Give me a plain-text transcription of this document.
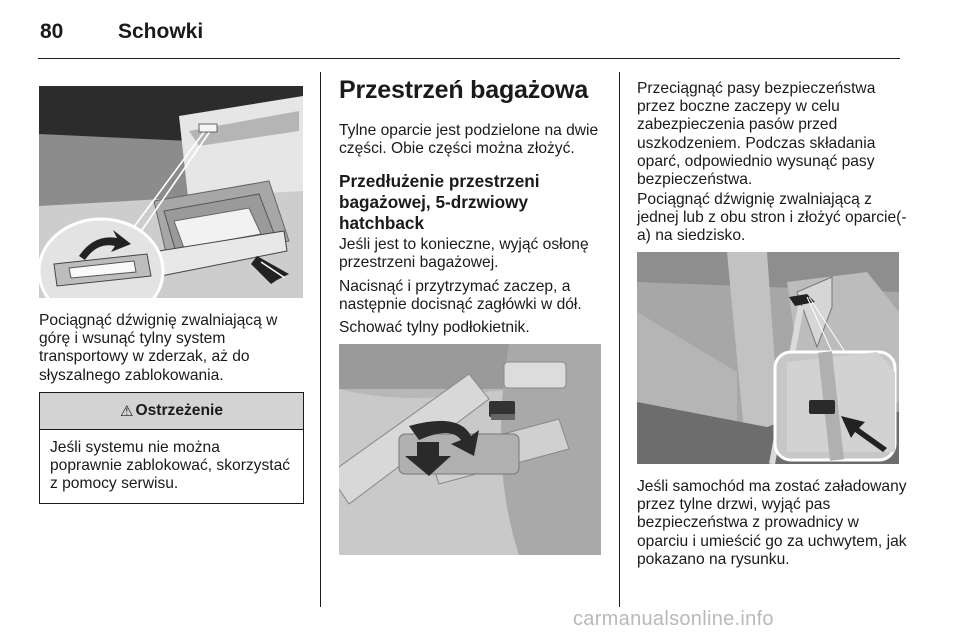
80	Schowki

Pociągnąć dźwignię zwalniającą w górę i wsunąć tylny system transportowy w zderzak, aż do słyszalnego zablokowania.

⚠ Ostrzeżenie
Jeśli systemu nie można poprawnie zablokować, skorzystać z pomocy serwisu.
Przestrzeń bagażowa

Tylne oparcie jest podzielone na dwie części. Obie części można złożyć.

Przedłużenie przestrzeni bagażowej, 5-drzwiowy hatchback

Jeśli jest to konieczne, wyjąć osłonę przestrzeni bagażowej.

Nacisnąć i przytrzymać zaczep, a następnie docisnąć zagłówki w dół.

Schować tylny podłokietnik.

Przeciągnąć pasy bezpieczeństwa przez boczne zaczepy w celu zabezpieczenia pasów przed uszkodzeniem. Podczas składania oparć, odpowiednio wysunąć pasy bezpieczeństwa.

Pociągnąć dźwignię zwalniającą z jednej lub z obu stron i złożyć oparcie(-a) na siedzisko.

Jeśli samochód ma zostać załadowany przez tylne drzwi, wyjąć pas bezpieczeństwa z prowadnicy w oparciu i umieścić go za uchwytem, jak pokazano na rysunku.

carmanualsonline.info
